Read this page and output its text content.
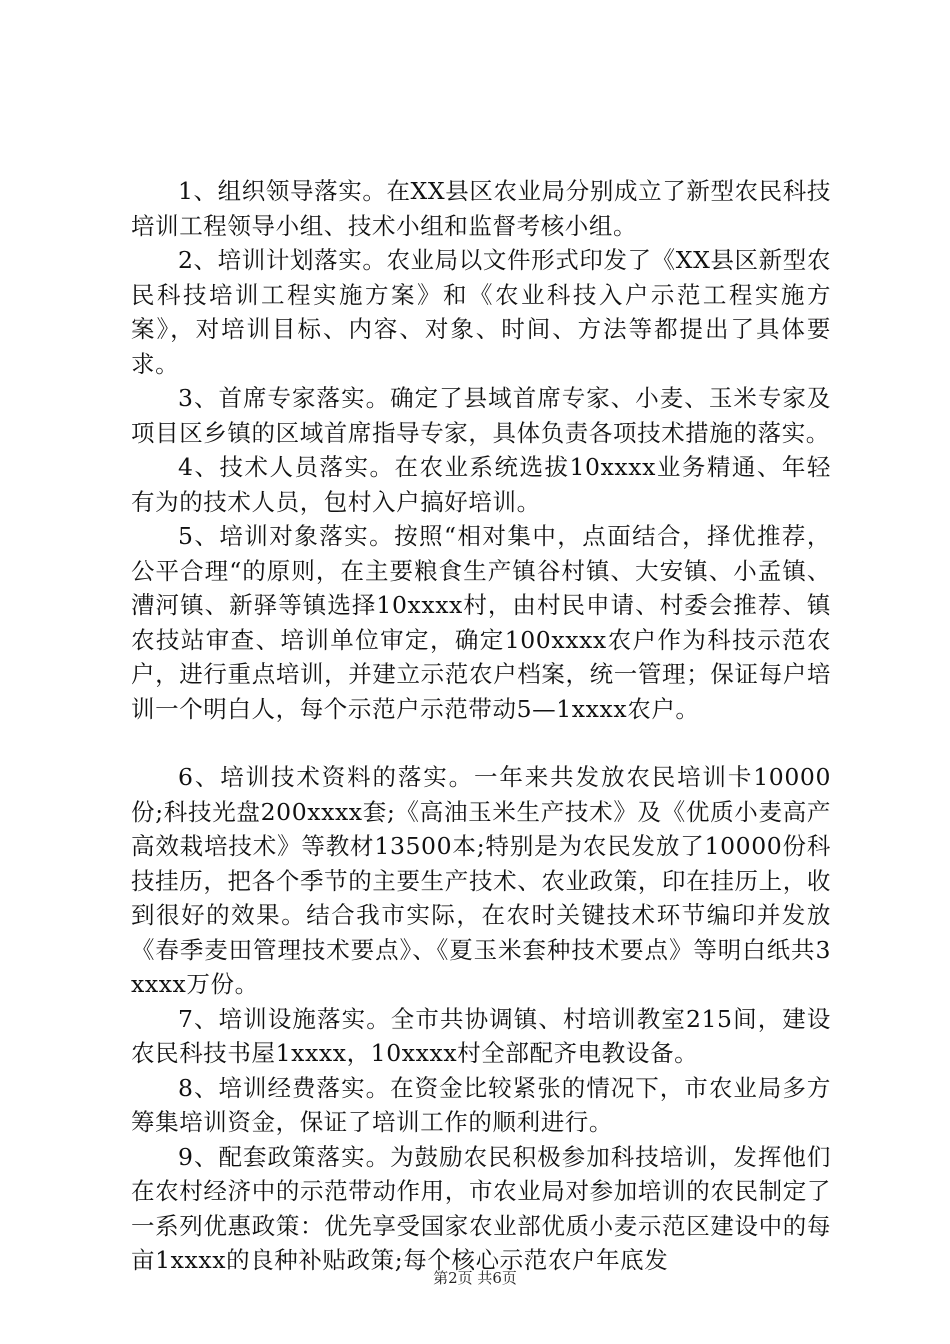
1、组织领导落实。在XX县区农业局分别成立了新型农民科技培训工程领导小组、技术小组和监督考核小组。

2、培训计划落实。农业局以文件形式印发了《XX县区新型农民科技培训工程实施方案》和《农业科技入户示范工程实施方案》，对培训目标、内容、对象、时间、方法等都提出了具体要求。

3、首席专家落实。确定了县域首席专家、小麦、玉米专家及项目区乡镇的区域首席指导专家，具体负责各项技术措施的落实。

4、技术人员落实。在农业系统选拔10xxxx业务精通、年轻有为的技术人员，包村入户搞好培训。

5、培训对象落实。按照“相对集中，点面结合，择优推荐，公平合理“的原则，在主要粮食生产镇谷村镇、大安镇、小孟镇、漕河镇、新驿等镇选择10xxxx村，由村民申请、村委会推荐、镇农技站审查、培训单位审定，确定100xxxx农户作为科技示范农户，进行重点培训，并建立示范农户档案，统一管理；保证每户培训一个明白人，每个示范户示范带动5—1xxxx农户。

6、培训技术资料的落实。一年来共发放农民培训卡10000份;科技光盘200xxxx套;《高油玉米生产技术》及《优质小麦高产高效栽培技术》等教材13500本;特别是为农民发放了10000份科技挂历，把各个季节的主要生产技术、农业政策，印在挂历上，收到很好的效果。结合我市实际，在农时关键技术环节编印并发放《春季麦田管理技术要点》、《夏玉米套种技术要点》等明白纸共3xxxx万份。

7、培训设施落实。全市共协调镇、村培训教室215间，建设农民科技书屋1xxxx，10xxxx村全部配齐电教设备。

8、培训经费落实。在资金比较紧张的情况下，市农业局多方筹集培训资金，保证了培训工作的顺利进行。

9、配套政策落实。为鼓励农民积极参加科技培训，发挥他们在农村经济中的示范带动作用，市农业局对参加培训的农民制定了一系列优惠政策：优先享受国家农业部优质小麦示范区建设中的每亩1xxxx的良种补贴政策;每个核心示范农户年底发

第2页 共6页
